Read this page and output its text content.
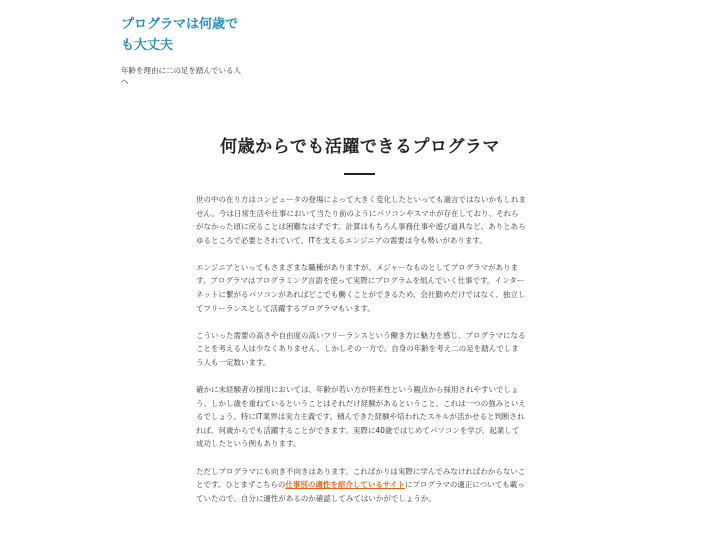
プログラマは何歳でも大丈夫

年齢を理由に二の足を踏んでいる人へ

何歳からでも活躍できるプログラマ

世の中の在り方はコンピュータの登場によって大きく変化したといっても過言ではないかもしれません。今は日常生活や仕事において当たり前のようにパソコンやスマホが存在しており、それらがなかった頃に戻ることは困難なはずです。計算はもちろん事務仕事や遊び道具など、ありとあらゆるところで必要とされていて、ITを支えるエンジニアの需要は今も勢いがあります。

エンジニアといってもさまざまな職種がありますが、メジャーなものとしてプログラマがあります。プログラマはプログラミング言語を使って実際にプログラムを組んでいく仕事です。インターネットに繋がるパソコンがあればどこでも働くことができるため、会社勤めだけではなく、独立してフリーランスとして活躍するプログラマもいます。

こういった需要の高さや自由度の高いフリーランスという働き方に魅力を感じ、プログラマになることを考える人は少なくありません。しかしその一方で、自身の年齢を考え二の足を踏んでしまう人も一定数います。

確かに未経験者の採用においては、年齢が若い方が将来性という観点から採用されやすいでしょう。しかし歳を重ねているということはそれだけ経験があるということ。これは一つの強みといえるでしょう。特にIT業界は実力主義です。積んできた経験や培われたスキルが活かせると判断されれば、何歳からでも活躍することができます。実際に40歳ではじめてパソコンを学び、起業して成功したという例もあります。

ただしプログラマにも向き不向きはあります。こればかりは実際に学んでみなければわからないことです。ひとまずこちらの仕事別の適性を紹介しているサイトにプログラマの適正についても載っていたので、自分に適性があるのか確認してみてはいかがでしょうか。
